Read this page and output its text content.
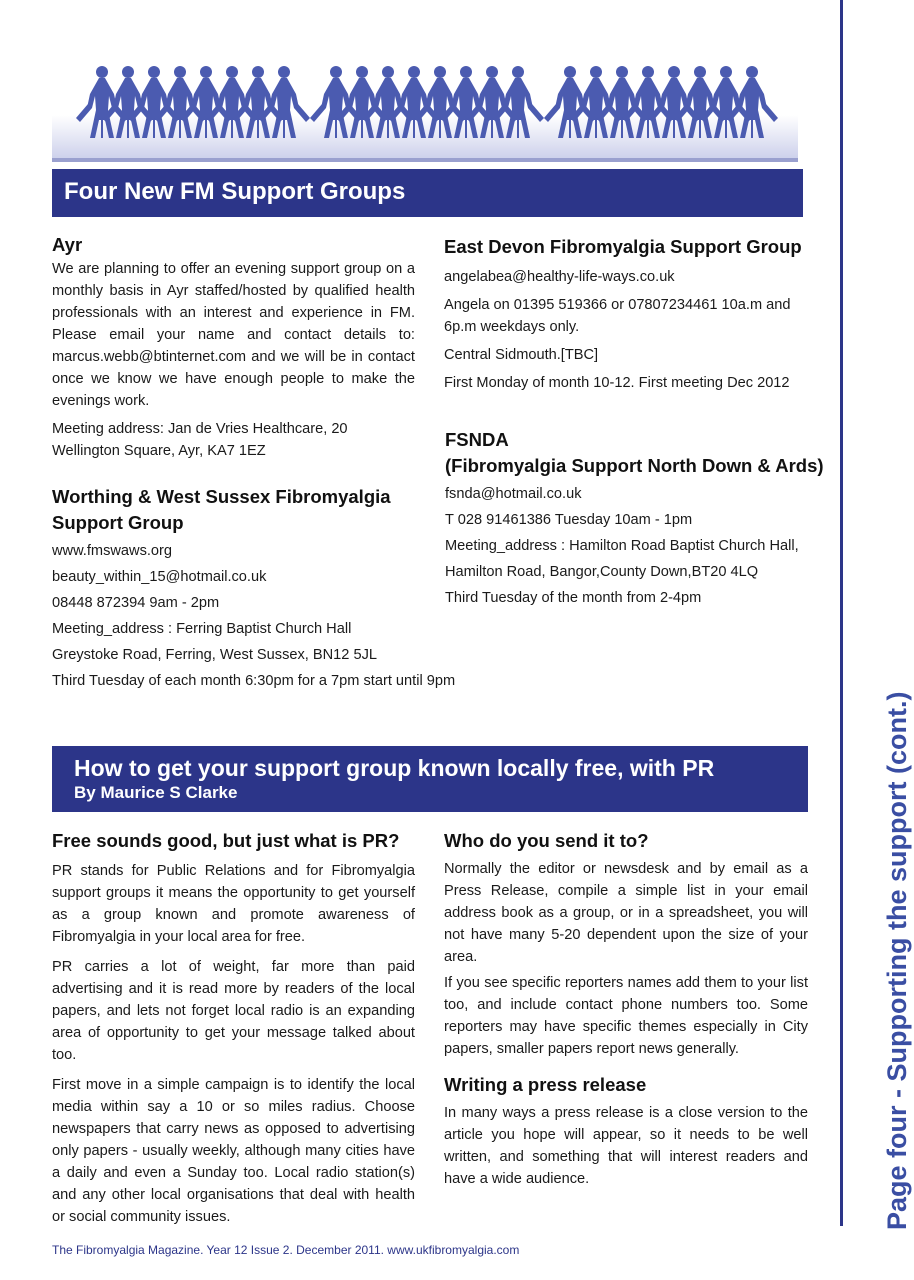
Four New FM Support Groups
Ayr

We are planning to offer an evening support group on a monthly basis in Ayr staffed/hosted by qualified health professionals with an interest and experience in FM. Please email your name and contact details to: marcus.webb@btinternet.com and we will be in contact once we know we have enough people to make the evenings work.

Meeting address: Jan de Vries Healthcare, 20 Wellington Square, Ayr, KA7 1EZ

Worthing & West Sussex Fibromyalgia
Support Group
www.fmswaws.org
beauty_within_15@hotmail.co.uk
08448 872394 9am - 2pm
Meeting_address : Ferring Baptist Church Hall
Greystoke Road, Ferring, West Sussex, BN12 5JL
Third Tuesday of each month 6:30pm for a 7pm start until 9pm
East Devon Fibromyalgia Support Group

angelabea@healthy-life-ways.co.uk

Angela on 01395 519366 or 07807234461 10a.m and 6p.m weekdays only.

Central Sidmouth.[TBC]

First Monday of month 10-12. First meeting Dec 2012

FSNDA
(Fibromyalgia Support North Down & Ards)
fsnda@hotmail.co.uk
T 028 91461386 Tuesday 10am - 1pm
Meeting_address : Hamilton Road Baptist Church Hall,
Hamilton Road, Bangor,County Down,BT20 4LQ
Third Tuesday of the month from 2-4pm
How to get your support group known locally free, with PR
By Maurice S Clarke
Free sounds good, but just what is PR?

PR stands for Public Relations and for Fibromyalgia support groups it means the opportunity to get yourself as a group known and promote awareness of Fibromyalgia in your local area for free.

PR carries a lot of weight, far more than paid advertising and it is read more by readers of the local papers, and lets not forget local radio is an expanding area of opportunity to get your message talked about too.

First move in a simple campaign is to identify the local media within say a 10 or so miles radius. Choose newspapers that carry news as opposed to advertising only papers - usually weekly, although many cities have a daily and even a Sunday too. Local radio station(s) and any other local organisations that deal with health or social community issues.

Who do you send it to?

Normally the editor or newsdesk and by email as a Press Release, compile a simple list in your email address book as a group, or in a spreadsheet, you will not have many 5-20 dependent upon the size of your area.

If you see specific reporters names add them to your list too, and include contact phone numbers too. Some reporters may have specific themes especially in City papers, smaller papers report news generally.

Writing a press release

In many ways a press release is a close version to the article you hope will appear, so it needs to be well written, and something that will interest readers and have a wide audience.	Page four - Supporting the support (cont.)
The Fibromyalgia Magazine. Year 12 Issue 2. December 2011. www.ukfibromyalgia.com
